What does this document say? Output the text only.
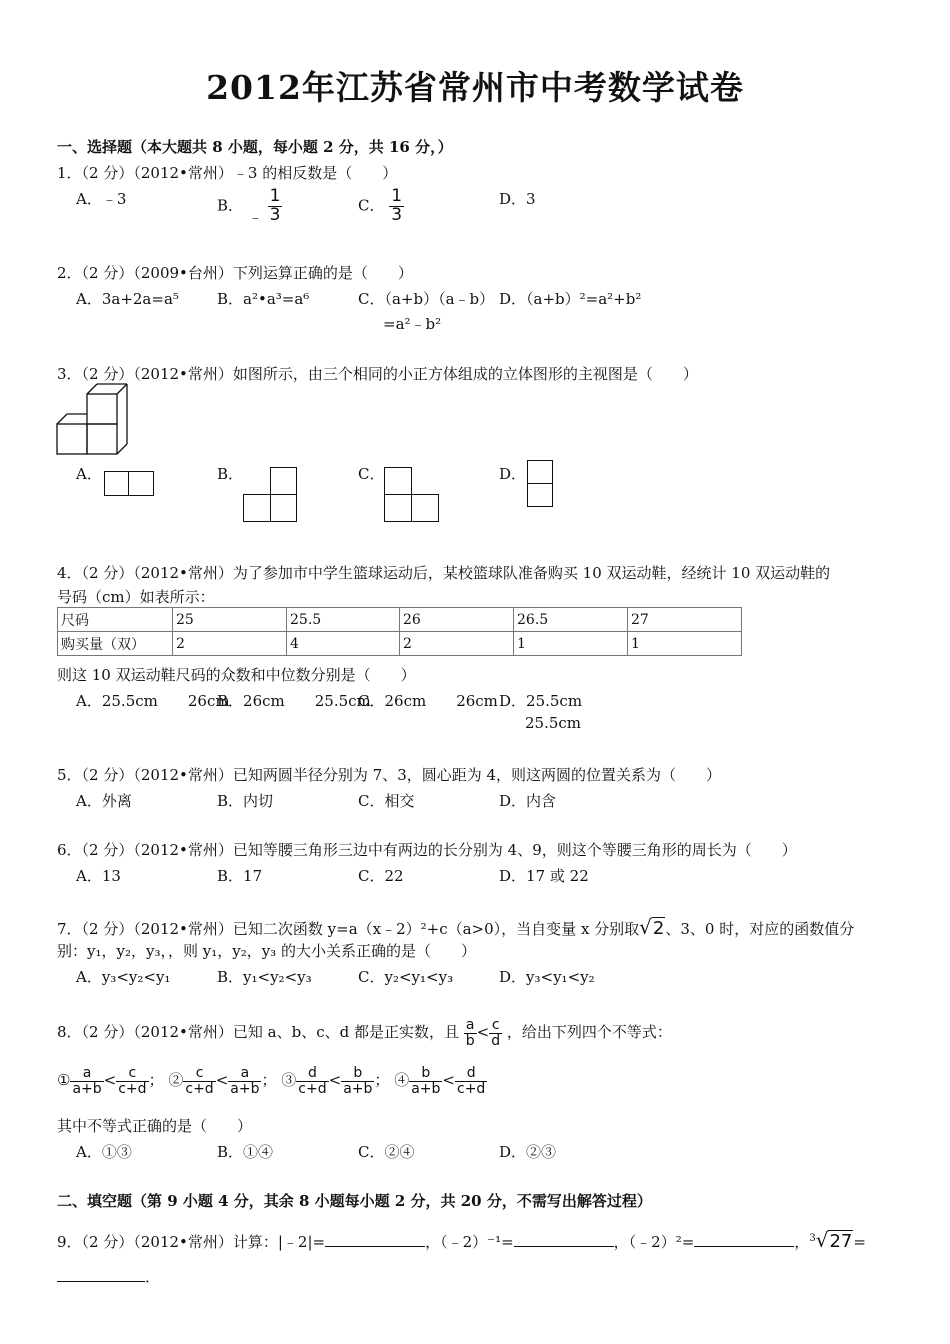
2012年江苏省常州市中考数学试卷
一、选择题（本大题共 8 小题，每小题 2 分，共 16 分，）
1．（2 分）（2012•常州）﹣3 的相反数是（　　）
A．﹣3	B． ﹣ $\frac{1}{3}$	C． $\frac{1}{3}$	D．3
2．（2 分）（2009•台州）下列运算正确的是（　　）
A．3a+2a=a⁵	B．a²•a³=a⁶	C．（a+b）（a﹣b）
=a²﹣b²
D．（a+b）²=a²+b²
3．（2 分）（2012•常州）如图所示，由三个相同的小正方体组成的立体图形的主视图是（　　）
A．	B．	C．	D．
4．（2 分）（2012•常州）为了参加市中学生篮球运动后，某校篮球队准备购买 10 双运动鞋，经统计 10 双运动鞋的
号码（cm）如表所示：
尺码	25	25.5	26	26.5	27
购买量（双）	2	4	2	1	1
则这 10 双运动鞋尺码的众数和中位数分别是（　　）
A．25.5cm　　26cm
B．26cm　　25.5cm
C．26cm　　26cm D．25.5cm
25.5cm
5．（2 分）（2012•常州）已知两圆半径分别为 7、3，圆心距为 4，则这两圆的位置关系为（　　）
A．外离	B．内切	C．相交	D．内含
6．（2 分）（2012•常州）已知等腰三角形三边中有两边的长分别为 4、9，则这个等腰三角形的周长为（　　）
A．13	B．17	C．22	D．17 或 22
7．（2 分）（2012•常州）已知二次函数 y=a（x﹣2）²+c（a>0），当自变量 x 分别取√2、3、0 时，对应的函数值分
别：y₁，y₂，y₃，，则 y₁，y₂，y₃ 的大小关系正确的是（　　）
A．y₃<y₂<y₁	B．y₁<y₂<y₃	C．y₂<y₁<y₃	D．y₃<y₁<y₂
8．（2 分）（2012•常州）已知 a、b、c、d 都是正实数，且 $\frac{a}{b} < \frac{c}{d}$ ，给出下列四个不等式：
① $\frac{a}{a+b} < \frac{c}{c+d}$ ； ② $\frac{c}{c+d} < \frac{a}{a+b}$ ； ③ $\frac{d}{c+d} < \frac{b}{a+b}$ ； ④ $\frac{b}{a+b} < \frac{d}{c+d}$
其中不等式正确的是（　　）
A．①③	B．①④	C．②④	D．②③
二、填空题（第 9 小题 4 分，其余 8 小题每小题 2 分，共 20 分，不需写出解答过程）
9．（2 分）（2012•常州）计算：|﹣2|=	，（﹣2）⁻¹=	，（﹣2）²=	，$^3$√27=
．
